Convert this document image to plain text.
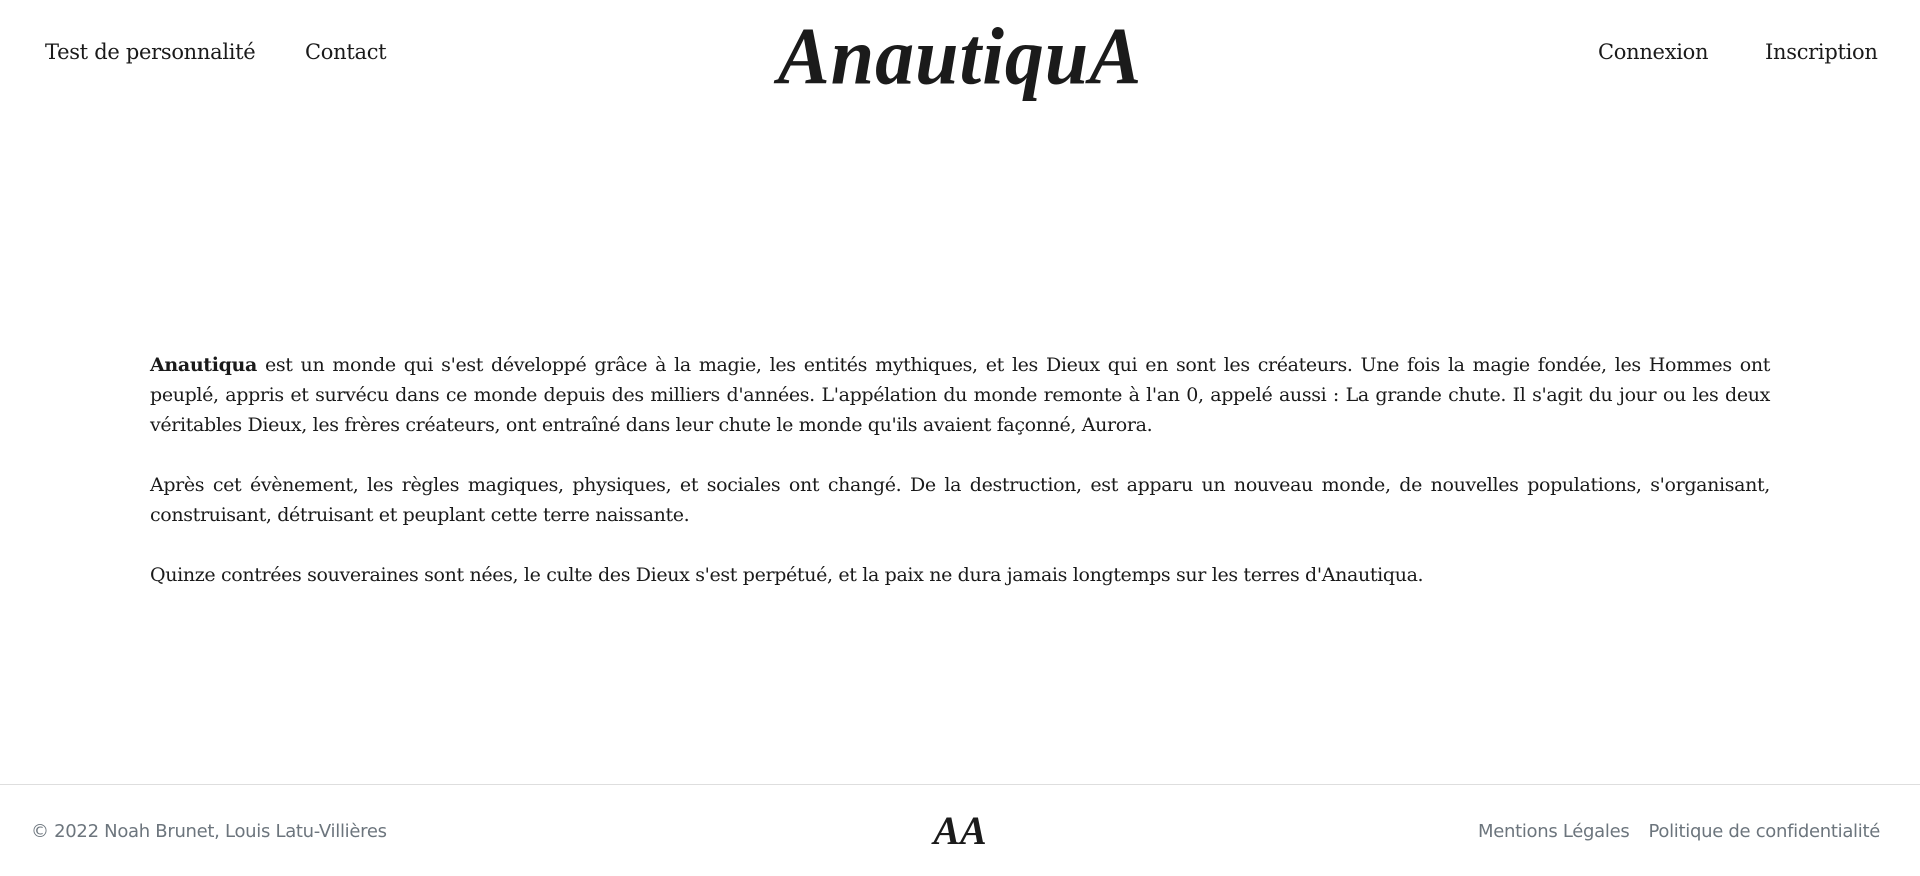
Test de personnalité Contact	AnautiquA	Connexion	Inscription

Anautiqua est un monde qui s'est développé grâce à la magie, les entités mythiques, et les Dieux qui en sont les créateurs. Une fois la magie fondée, les Hommes ont peuplé, appris et survécu dans ce monde depuis des milliers d'années. L'appélation du monde remonte à l'an 0, appelé aussi : La grande chute. Il s'agit du jour ou les deux véritables Dieux, les frères créateurs, ont entraîné dans leur chute le monde qu'ils avaient façonné, Aurora.

Après cet évènement, les règles magiques, physiques, et sociales ont changé. De la destruction, est apparu un nouveau monde, de nouvelles populations, s'organisant, construisant, détruisant et peuplant cette terre naissante.

Quinze contrées souveraines sont nées, le culte des Dieux s'est perpétué, et la paix ne dura jamais longtemps sur les terres d'Anautiqua.

© 2022 Noah Brunet, Louis Latu-Villières	AA	Mentions Légales Politique de confidentialité
